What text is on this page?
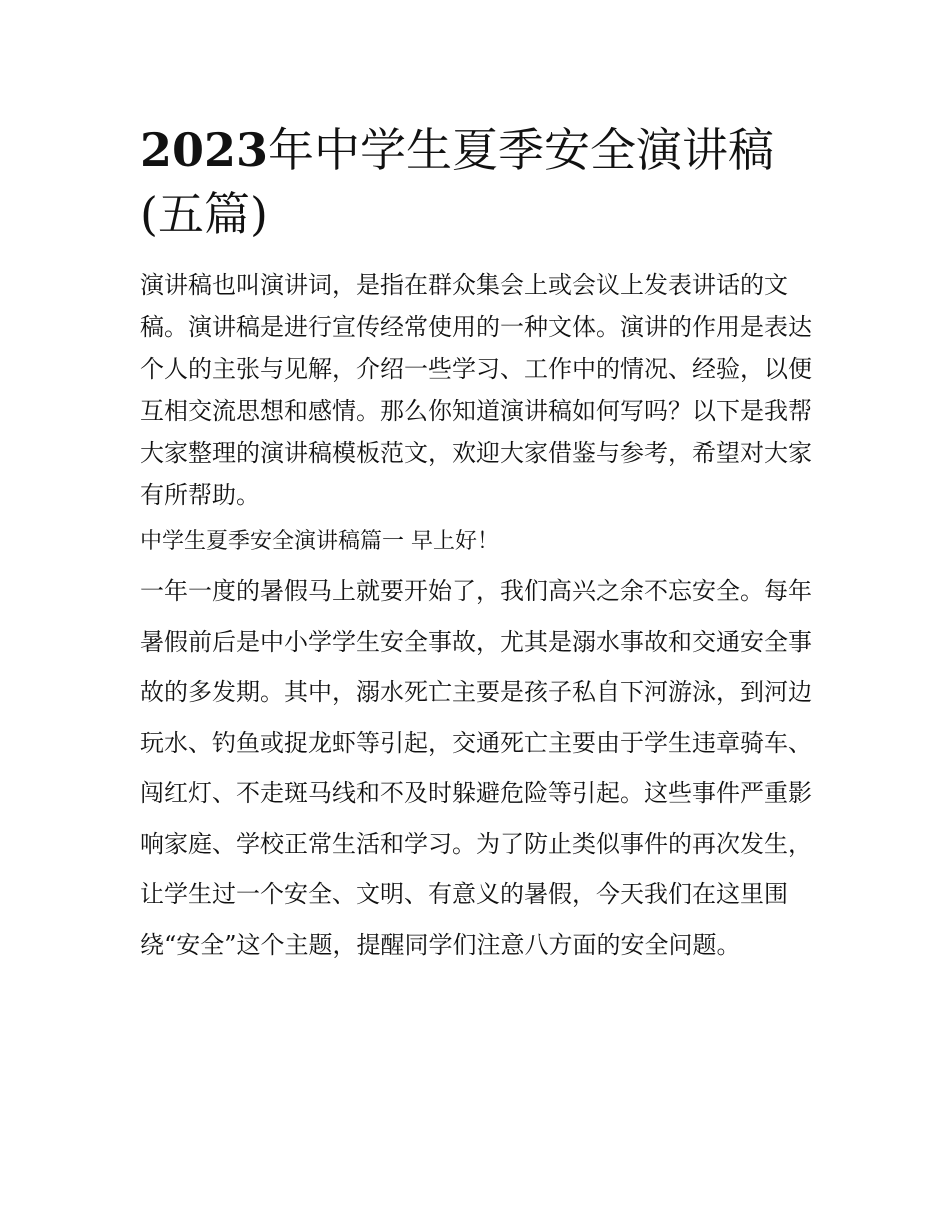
2023年中学生夏季安全演讲稿(五篇)

演讲稿也叫演讲词，是指在群众集会上或会议上发表讲话的文稿。演讲稿是进行宣传经常使用的一种文体。演讲的作用是表达个人的主张与见解，介绍一些学习、工作中的情况、经验，以便互相交流思想和感情。那么你知道演讲稿如何写吗？以下是我帮大家整理的演讲稿模板范文，欢迎大家借鉴与参考，希望对大家有所帮助。

中学生夏季安全演讲稿篇一 早上好！

一年一度的暑假马上就要开始了，我们高兴之余不忘安全。每年暑假前后是中小学学生安全事故，尤其是溺水事故和交通安全事故的多发期。其中，溺水死亡主要是孩子私自下河游泳，到河边玩水、钓鱼或捉龙虾等引起，交通死亡主要由于学生违章骑车、闯红灯、不走斑马线和不及时躲避危险等引起。这些事件严重影响家庭、学校正常生活和学习。为了防止类似事件的再次发生，让学生过一个安全、文明、有意义的暑假，今天我们在这里围绕“安全”这个主题，提醒同学们注意八方面的安全问题。
